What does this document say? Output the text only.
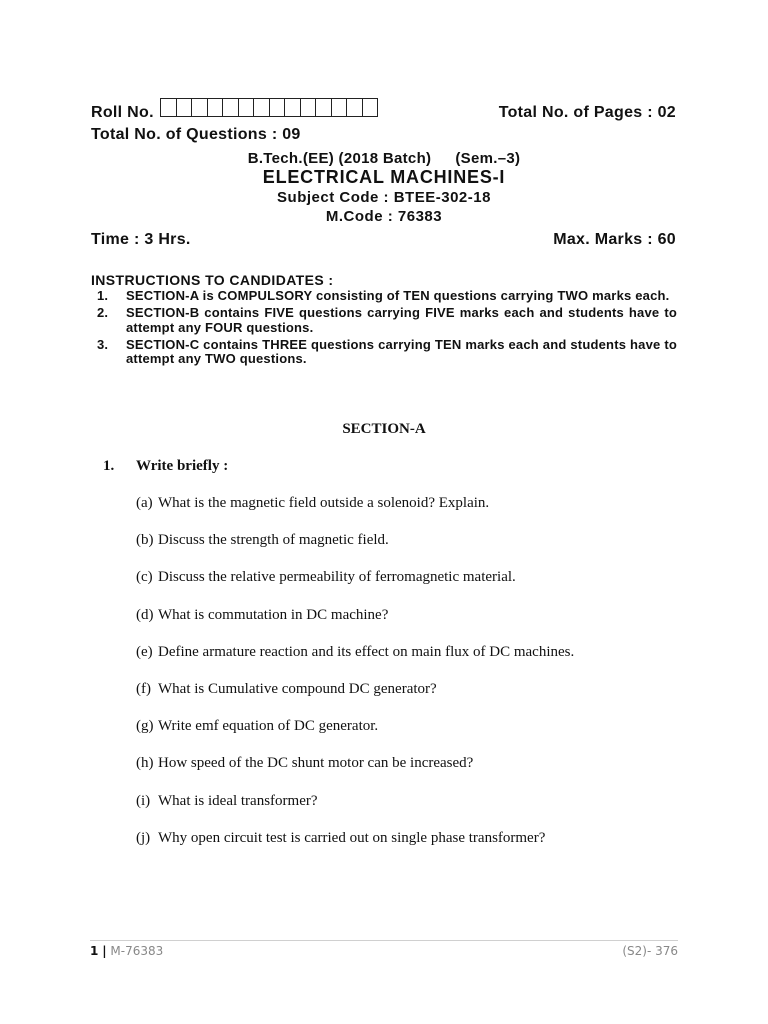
Roll No.	Total No. of Pages : 02
Total No. of Questions : 09
B.Tech.(EE) (2018 Batch) (Sem.–3)
ELECTRICAL MACHINES-I
Subject Code : BTEE-302-18
M.Code : 76383
Time : 3 Hrs.	Max. Marks : 60
INSTRUCTIONS TO CANDIDATES :
1.	SECTION-A is COMPULSORY consisting of TEN questions carrying TWO marks each.
2.	SECTION-B contains FIVE questions carrying FIVE marks each and students have to attempt any FOUR questions.
3.	SECTION-C contains THREE questions carrying TEN marks each and students have to attempt any TWO questions.
SECTION-A
1. Write briefly :
(a) What is the magnetic field outside a solenoid? Explain.
(b) Discuss the strength of magnetic field.
(c) Discuss the relative permeability of ferromagnetic material.
(d) What is commutation in DC machine?
(e) Define armature reaction and its effect on main flux of DC machines.
(f) What is Cumulative compound DC generator?
(g) Write emf equation of DC generator.
(h) How speed of the DC shunt motor can be increased?
(i) What is ideal transformer?
(j) Why open circuit test is carried out on single phase transformer?
1 | M-76383	(S2)- 376
